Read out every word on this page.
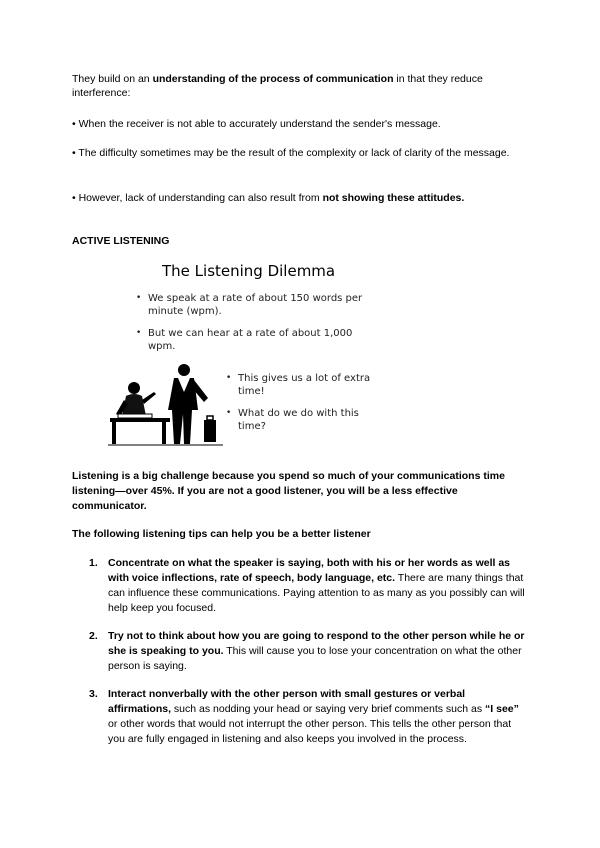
They build on an understanding of the process of communication in that they reduce interference:

• When the receiver is not able to accurately understand the sender's message.

• The difficulty sometimes may be the result of the complexity or lack of clarity of the message.

• However, lack of understanding can also result from not showing these attitudes.

ACTIVE LISTENING

The Listening Dilemma
• We speak at a rate of about 150 words per minute (wpm).
• But we can hear at a rate of about 1,000 wpm.
• This gives us a lot of extra time!
• What do we do with this time?

Listening is a big challenge because you spend so much of your communications time listening—over 45%. If you are not a good listener, you will be a less effective communicator.

The following listening tips can help you be a better listener

1. Concentrate on what the speaker is saying, both with his or her words as well as with voice inflections, rate of speech, body language, etc. There are many things that can influence these communications. Paying attention to as many as you possibly can will help keep you focused.
2. Try not to think about how you are going to respond to the other person while he or she is speaking to you. This will cause you to lose your concentration on what the other person is saying.
3. Interact nonverbally with the other person with small gestures or verbal affirmations, such as nodding your head or saying very brief comments such as “I see” or other words that would not interrupt the other person. This tells the other person that you are fully engaged in listening and also keeps you involved in the process.
